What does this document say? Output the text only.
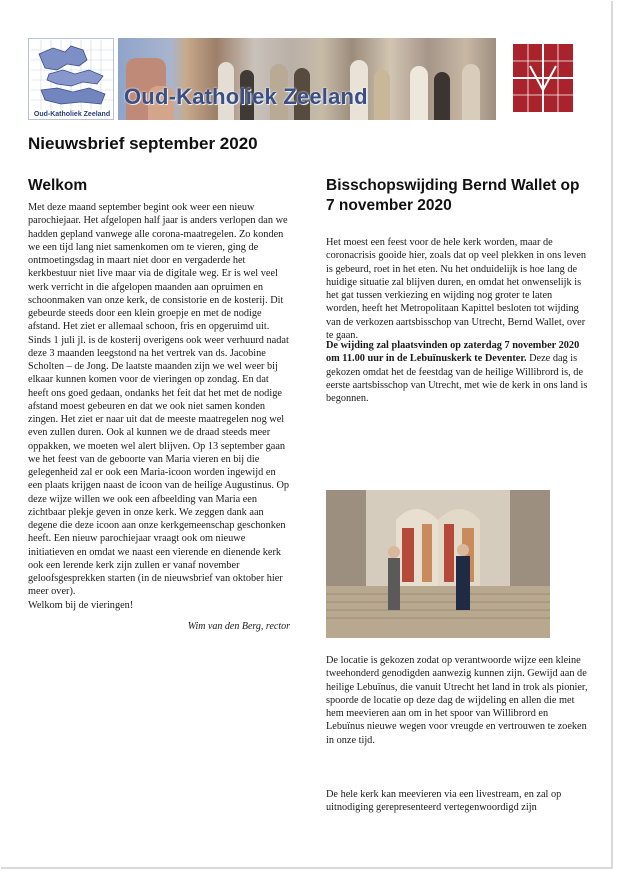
Oud-Katholiek Zeeland
Oud-Katholiek Zeeland
Nieuwsbrief september 2020
Welkom

Met deze maand september begint ook weer een nieuw parochiejaar. Het afgelopen half jaar is anders verlopen dan we hadden gepland vanwege alle corona-maatregelen. Zo konden we een tijd lang niet samenkomen om te vieren, ging de ontmoetingsdag in maart niet door en vergaderde het kerkbestuur niet live maar via de digitale weg. Er is wel veel werk verricht in die afgelopen maanden aan opruimen en schoonmaken van onze kerk, de consistorie en de kosterij. Dit gebeurde steeds door een klein groepje en met de nodige afstand. Het ziet er allemaal schoon, fris en opgeruimd uit. Sinds 1 juli jl. is de kosterij overigens ook weer verhuurd nadat deze 3 maanden leegstond na het vertrek van ds. Jacobine Scholten – de Jong. De laatste maanden zijn we wel weer bij elkaar kunnen komen voor de vieringen op zondag. En dat heeft ons goed gedaan, ondanks het feit dat het met de nodige afstand moest gebeuren en dat we ook niet samen konden zingen. Het ziet er naar uit dat de meeste maatregelen nog wel even zullen duren. Ook al kunnen we de draad steeds meer oppakken, we moeten wel alert blijven. Op 13 september gaan we het feest van de geboorte van Maria vieren en bij die gelegenheid zal er ook een Maria-icoon worden ingewijd en een plaats krijgen naast de icoon van de heilige Augustinus. Op deze wijze willen we ook een afbeelding van Maria een zichtbaar plekje geven in onze kerk. We zeggen dank aan degene die deze icoon aan onze kerkgemeenschap geschonken heeft. Een nieuw parochiejaar vraagt ook om nieuwe initiatieven en omdat we naast een vierende en dienende kerk ook een lerende kerk zijn zullen er vanaf november geloofsgesprekken starten (in de nieuwsbrief van oktober hier meer over).

Welkom bij de vieringen!

Wim van den Berg, rector
Bisschopswijding Bernd Wallet op 7 november 2020

Het moest een feest voor de hele kerk worden, maar de coronacrisis gooide hier, zoals dat op veel plekken in ons leven is gebeurd, roet in het eten. Nu het onduidelijk is hoe lang de huidige situatie zal blijven duren, en omdat het onwenselijk is het gat tussen verkiezing en wijding nog groter te laten worden, heeft het Metropolitaan Kapittel besloten tot wijding van de verkozen aartsbisschop van Utrecht, Bernd Wallet, over te gaan.

De wijding zal plaatsvinden op zaterdag 7 november 2020 om 11.00 uur in de Lebuïnuskerk te Deventer. Deze dag is gekozen omdat het de feestdag van de heilige Willibrord is, de eerste aartsbisschop van Utrecht, met wie de kerk in ons land is begonnen.

De locatie is gekozen zodat op verantwoorde wijze een kleine tweehonderd genodigden aanwezig kunnen zijn. Gewijd aan de heilige Lebuïnus, die vanuit Utrecht het land in trok als pionier, spoorde de locatie op deze dag de wijdeling en allen die met hem meevieren aan om in het spoor van Willibrord en Lebuïnus nieuwe wegen voor vreugde en vertrouwen te zoeken in onze tijd.

De hele kerk kan meevieren via een livestream, en zal op uitnodiging gerepresenteerd vertegenwoordigd zijn
